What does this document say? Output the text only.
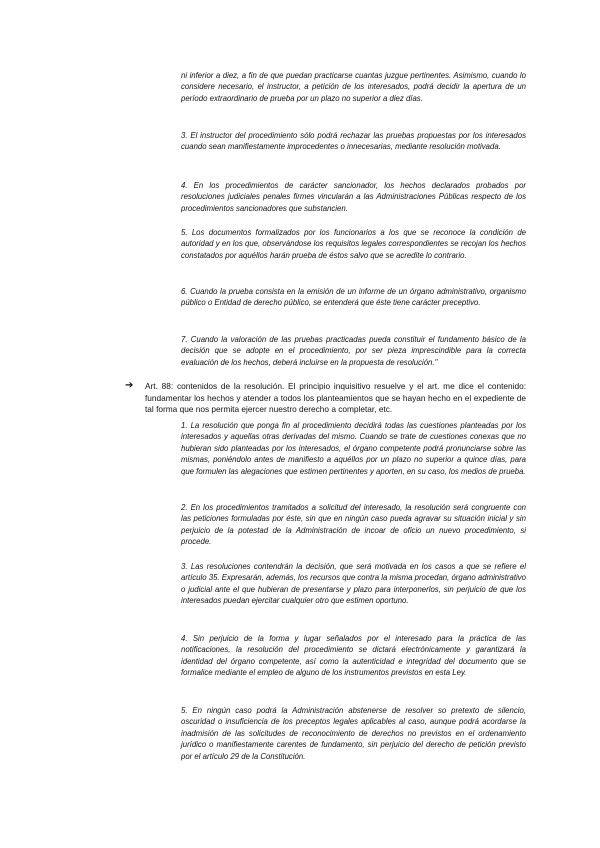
ni inferior a diez, a fin de que puedan practicarse cuantas juzgue pertinentes. Asimismo, cuando lo considere necesario, el instructor, a petición de los interesados, podrá decidir la apertura de un período extraordinario de prueba por un plazo no superior a diez días.

3. El instructor del procedimiento sólo podrá rechazar las pruebas propuestas por los interesados cuando sean manifiestamente improcedentes o innecesarias, mediante resolución motivada.

4. En los procedimientos de carácter sancionador, los hechos declarados probados por resoluciones judiciales penales firmes vincularán a las Administraciones Públicas respecto de los procedimientos sancionadores que substancien.

5. Los documentos formalizados por los funcionarios a los que se reconoce la condición de autoridad y en los que, observándose los requisitos legales correspondientes se recojan los hechos constatados por aquéllos harán prueba de éstos salvo que se acredite lo contrario.

6. Cuando la prueba consista en la emisión de un informe de un órgano administrativo, organismo público o Entidad de derecho público, se entenderá que éste tiene carácter preceptivo.

7. Cuando la valoración de las pruebas practicadas pueda constituir el fundamento básico de la decisión que se adopte en el procedimiento, por ser pieza imprescindible para la correcta evaluación de los hechos, deberá incluirse en la propuesta de resolución."

➔ Art. 88: contenidos de la resolución. El principio inquisitivo resuelve y el art. me dice el contenido: fundamentar los hechos y atender a todos los planteamientos que se hayan hecho en el expediente de tal forma que nos permita ejercer nuestro derecho a completar, etc.

1. La resolución que ponga fin al procedimiento decidirá todas las cuestiones planteadas por los interesados y aquellas otras derivadas del mismo. Cuando se trate de cuestiones conexas que no hubieran sido planteadas por los interesados, el órgano competente podrá pronunciarse sobre las mismas, poniéndolo antes de manifiesto a aquéllos por un plazo no superior a quince días, para que formulen las alegaciones que estimen pertinentes y aporten, en su caso, los medios de prueba.

2. En los procedimientos tramitados a solicitud del interesado, la resolución será congruente con las peticiones formuladas por éste, sin que en ningún caso pueda agravar su situación inicial y sin perjuicio de la potestad de la Administración de incoar de oficio un nuevo procedimiento, si procede.

3. Las resoluciones contendrán la decisión, que será motivada en los casos a que se refiere el artículo 35. Expresarán, además, los recursos que contra la misma procedan, órgano administrativo o judicial ante el que hubieran de presentarse y plazo para interponerlos, sin perjuicio de que los interesados puedan ejercitar cualquier otro que estimen oportuno.

4. Sin perjuicio de la forma y lugar señalados por el interesado para la práctica de las notificaciones, la resolución del procedimiento se dictará electrónicamente y garantizará la identidad del órgano competente, así como la autenticidad e integridad del documento que se formalice mediante el empleo de alguno de los instrumentos previstos en esta Ley.

5. En ningún caso podrá la Administración abstenerse de resolver so pretexto de silencio, oscuridad o insuficiencia de los preceptos legales aplicables al caso, aunque podrá acordarse la inadmisión de las solicitudes de reconocimiento de derechos no previstos en el ordenamiento jurídico o manifiestamente carentes de fundamento, sin perjuicio del derecho de petición previsto por el artículo 29 de la Constitución.
